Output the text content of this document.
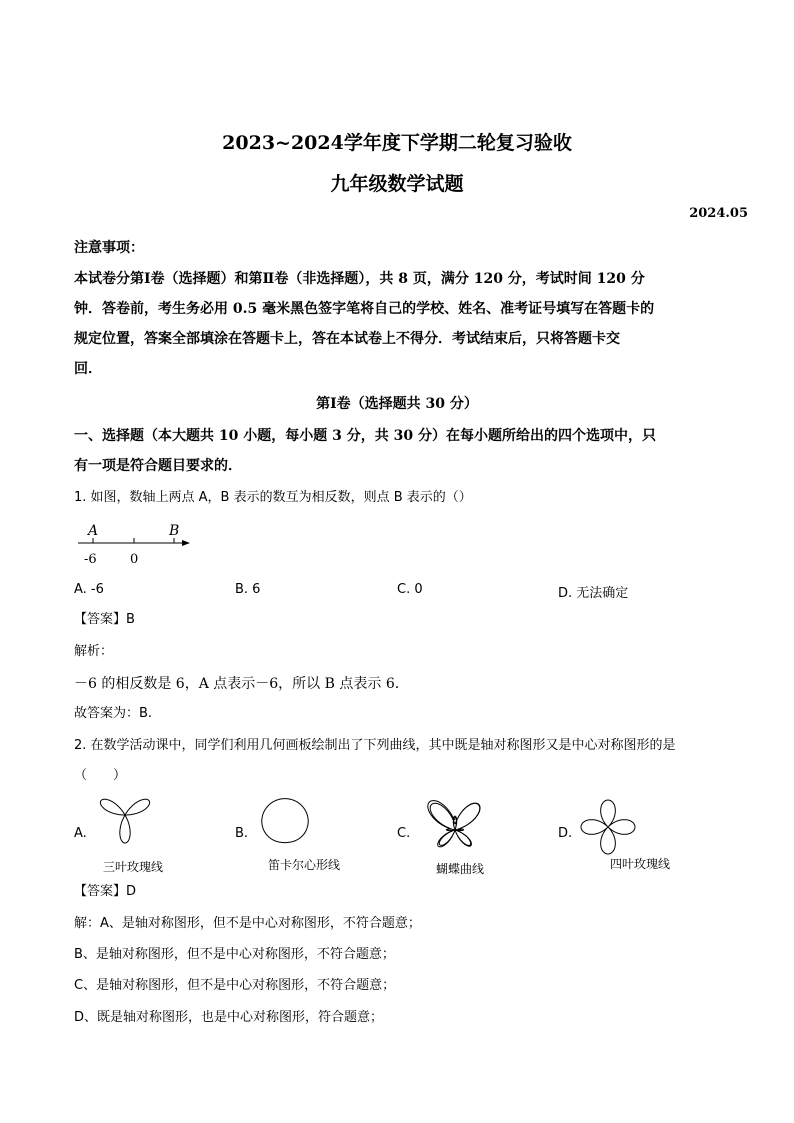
2023~2024学年度下学期二轮复习验收
九年级数学试题
2024.05
注意事项：
本试卷分第Ⅰ卷（选择题）和第Ⅱ卷（非选择题），共 8 页，满分 120 分，考试时间 120 分
钟．答卷前，考生务必用 0.5 毫米黑色签字笔将自己的学校、姓名、准考证号填写在答题卡的
规定位置，答案全部填涂在答题卡上，答在本试卷上不得分．考试结束后，只将答题卡交
回．
第Ⅰ卷（选择题共 30 分）
一、选择题（本大题共 10 小题，每小题 3 分，共 30 分）在每小题所给出的四个选项中，只
有一项是符合题目要求的．
1. 如图，数轴上两点 A，B 表示的数互为相反数，则点 B 表示的（）
A	B
-6	0
A. -6	B. 6	C. 0	D. 无法确定
【答案】B
解析：
－6 的相反数是 6，A 点表示－6，所以 B 点表示 6.
故答案为：B.
2. 在数学活动课中，同学们利用几何画板绘制出了下列曲线，其中既是轴对称图形又是中心对称图形的是
（　　）
A.	B.	C.	D.
三叶玫瑰线	笛卡尔心形线	蝴蝶曲线	四叶玫瑰线
【答案】D
解：A、是轴对称图形，但不是中心对称图形，不符合题意；
B、是轴对称图形，但不是中心对称图形，不符合题意；
C、是轴对称图形，但不是中心对称图形，不符合题意；
D、既是轴对称图形，也是中心对称图形，符合题意；
